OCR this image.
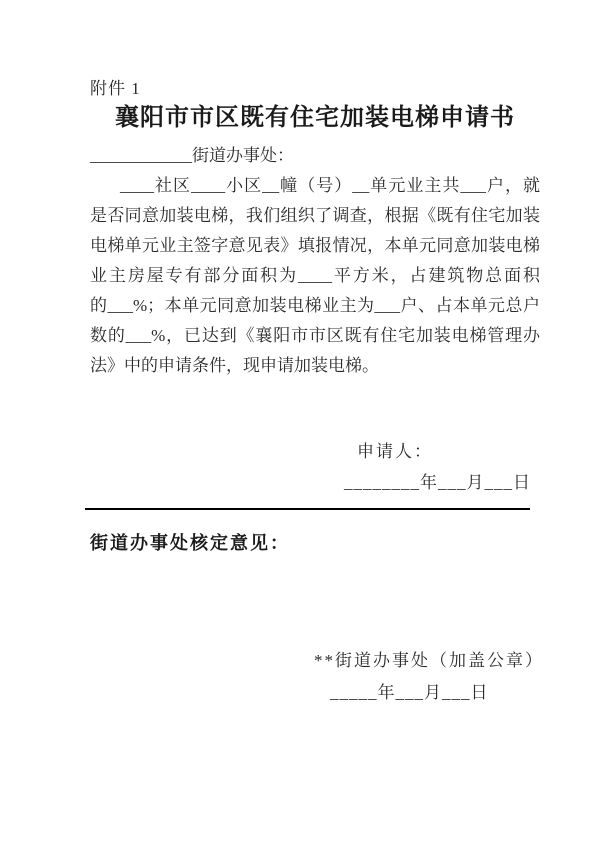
附件 1
襄阳市市区既有住宅加装电梯申请书
____________街道办事处：
____社区____小区__幢（号）__单元业主共___户，就
是否同意加装电梯，我们组织了调查，根据《既有住宅加装
电梯单元业主签字意见表》填报情况，本单元同意加装电梯
业主房屋专有部分面积为____平方米，占建筑物总面积
的___%；本单元同意加装电梯业主为___户、占本单元总户
数的___%，已达到《襄阳市市区既有住宅加装电梯管理办
法》中的申请条件，现申请加装电梯。
申请人：
________年___月___日
街道办事处核定意见：
**街道办事处（加盖公章）
_____年___月___日
